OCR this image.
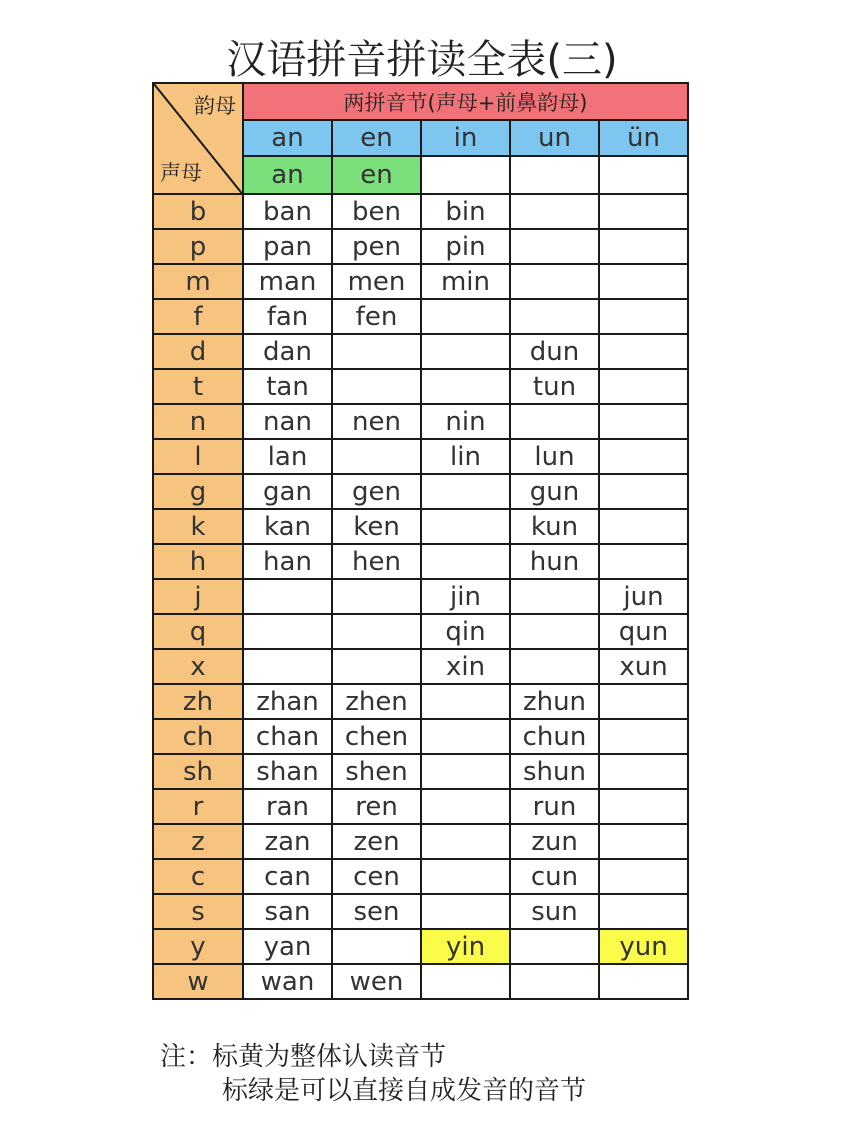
汉语拼音拼读全表(三)
韵母
声母	两拼音节(声母+前鼻韵母)				
	an	en	in	un	ün
	an	en			
b	ban	ben	bin		
p	pan	pen	pin		
m	man	men	min		
f	fan	fen			
d	dan			dun	
t	tan			tun	
n	nan	nen	nin		
l	lan		lin	lun	
g	gan	gen		gun	
k	kan	ken		kun	
h	han	hen		hun	
j			jin		jun
q			qin		qun
x			xin		xun
zh	zhan	zhen		zhun	
ch	chan	chen		chun	
sh	shan	shen		shun	
r	ran	ren		run	
z	zan	zen		zun	
c	can	cen		cun	
s	san	sen		sun	
y	yan		yin		yun
w	wan	wen			
注：标黄为整体认读音节
标绿是可以直接自成发音的音节
